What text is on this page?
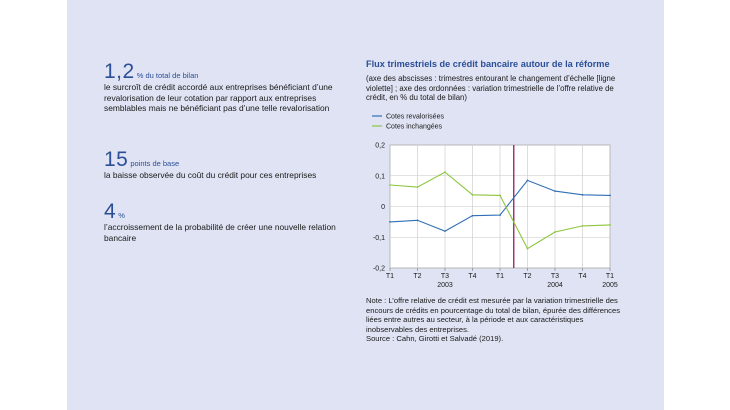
1,2 % du total de bilan
le surcroît de crédit accordé aux entreprises bénéficiant d’une revalorisation de leur cotation par rapport aux entreprises semblables mais ne bénéficiant pas d’une telle revalorisation
15 points de base
la baisse observée du coût du crédit pour ces entreprises
4 %
l’accroissement de la probabilité de créer une nouvelle relation bancaire
Flux trimestriels de crédit bancaire autour de la réforme
(axe des abscisses : trimestres entourant le changement d’échelle [ligne violette] ; axe des ordonnées : variation trimestrielle de l’offre relative de crédit, en % du total de bilan)
0,2
0,1
0
-0,1
-0,2
T1	T2	T3	T4	T1	T2	T3	T4	T1
2003	2004	2005
Cotes revalorisées
Cotes inchangées
Note : L’offre relative de crédit est mesurée par la variation trimestrielle des encours de crédits en pourcentage du total de bilan, épurée des différences liées entre autres au secteur, à la période et aux caractéristiques inobservables des entreprises.
Source : Cahn, Girotti et Salvadé (2019).
